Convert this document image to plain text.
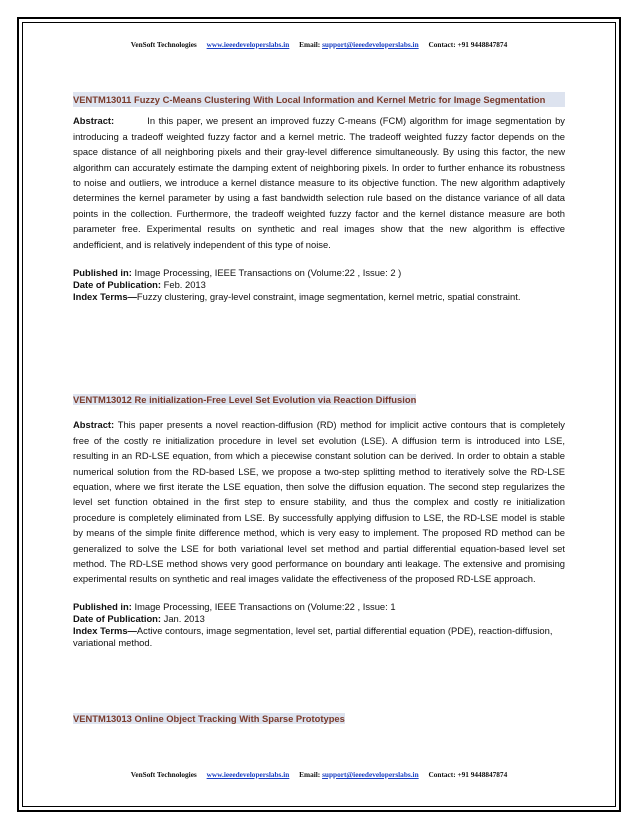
VenSoft Technologies www.ieeedeveloperslabs.in Email: support@ieeedeveloperslabs.in Contact: +91 9448847874
VENTM13011 Fuzzy C-Means Clustering With Local Information and Kernel Metric for Image Segmentation

Abstract:	In this paper, we present an improved fuzzy C-means (FCM) algorithm for image segmentation by introducing a tradeoff weighted fuzzy factor and a kernel metric. The tradeoff weighted fuzzy factor depends on the space distance of all neighboring pixels and their gray-level difference simultaneously. By using this factor, the new algorithm can accurately estimate the damping extent of neighboring pixels. In order to further enhance its robustness to noise and outliers, we introduce a kernel distance measure to its objective function. The new algorithm adaptively determines the kernel parameter by using a fast bandwidth selection rule based on the distance variance of all data points in the collection. Furthermore, the tradeoff weighted fuzzy factor and the kernel distance measure are both parameter free. Experimental results on synthetic and real images show that the new algorithm is effective andefficient, and is relatively independent of this type of noise.

Published in: Image Processing, IEEE Transactions on (Volume:22 , Issue: 2 )
Date of Publication: Feb. 2013
Index Terms—Fuzzy clustering, gray-level constraint, image segmentation, kernel metric, spatial constraint.
VENTM13012 Re initialization-Free Level Set Evolution via Reaction Diffusion

Abstract: This paper presents a novel reaction-diffusion (RD) method for implicit active contours that is completely free of the costly re initialization procedure in level set evolution (LSE). A diffusion term is introduced into LSE, resulting in an RD-LSE equation, from which a piecewise constant solution can be derived. In order to obtain a stable numerical solution from the RD-based LSE, we propose a two-step splitting method to iteratively solve the RD-LSE equation, where we first iterate the LSE equation, then solve the diffusion equation. The second step regularizes the level set function obtained in the first step to ensure stability, and thus the complex and costly re initialization procedure is completely eliminated from LSE. By successfully applying diffusion to LSE, the RD-LSE model is stable by means of the simple finite difference method, which is very easy to implement. The proposed RD method can be generalized to solve the LSE for both variational level set method and partial differential equation-based level set method. The RD-LSE method shows very good performance on boundary anti leakage. The extensive and promising experimental results on synthetic and real images validate the effectiveness of the proposed RD-LSE approach.

Published in: Image Processing, IEEE Transactions on (Volume:22 , Issue: 1
Date of Publication: Jan. 2013
Index Terms—Active contours, image segmentation, level set, partial differential equation (PDE), reaction-diffusion, variational method.
VENTM13013 Online Object Tracking With Sparse Prototypes
VenSoft Technologies www.ieeedeveloperslabs.in Email: support@ieeedeveloperslabs.in Contact: +91 9448847874
